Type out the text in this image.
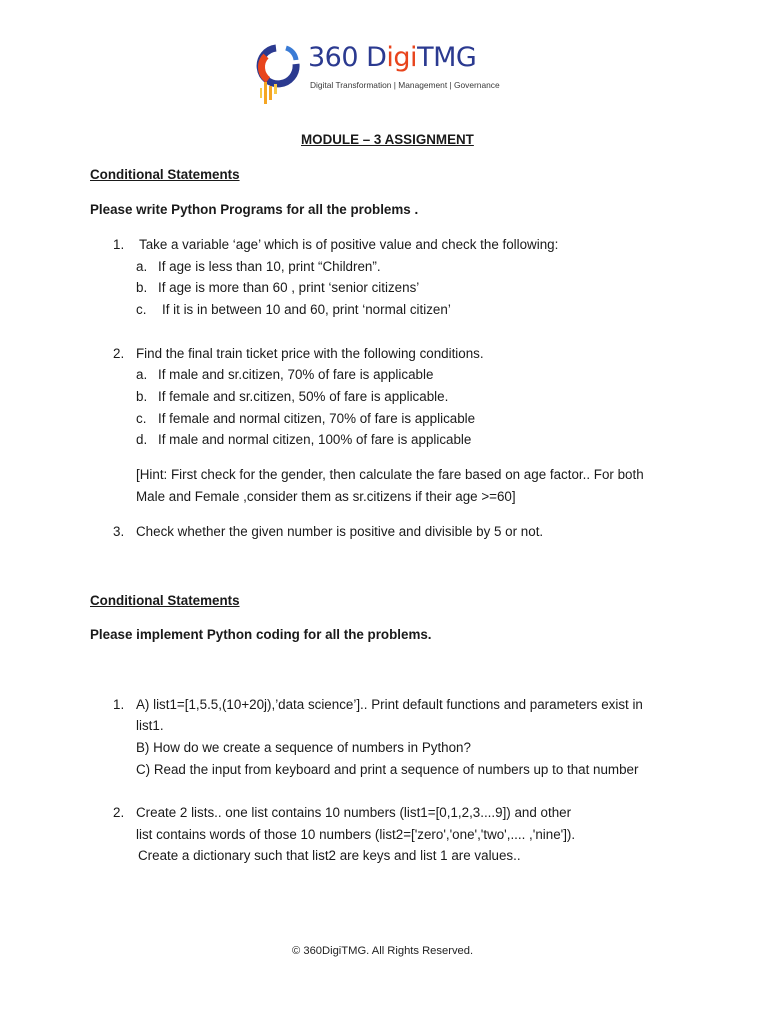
360 DigiTMG
Digital Transformation | Management | Governance
MODULE – 3 ASSIGNMENT
Conditional Statements
Please write Python Programs for all the problems .
1. Take a variable ‘age’ which is of positive value and check the following:
a. If age is less than 10, print “Children”.
b. If age is more than 60 , print ‘senior citizens’
c. If it is in between 10 and 60, print ‘normal citizen’
2. Find the final train ticket price with the following conditions.
a. If male and sr.citizen, 70% of fare is applicable
b. If female and sr.citizen, 50% of fare is applicable.
c. If female and normal citizen, 70% of fare is applicable
d. If male and normal citizen, 100% of fare is applicable
[Hint: First check for the gender, then calculate the fare based on age factor.. For both
Male and Female ,consider them as sr.citizens if their age >=60]
3. Check whether the given number is positive and divisible by 5 or not.
Conditional Statements
Please implement Python coding for all the problems.
1. A) list1=[1,5.5,(10+20j),’data science’].. Print default functions and parameters exist in
list1.
B) How do we create a sequence of numbers in Python?
C) Read the input from keyboard and print a sequence of numbers up to that number
2. Create 2 lists.. one list contains 10 numbers (list1=[0,1,2,3....9]) and other
list contains words of those 10 numbers (list2=['zero','one','two',.... ,'nine']).
Create a dictionary such that list2 are keys and list 1 are values..
© 360DigiTMG. All Rights Reserved.
